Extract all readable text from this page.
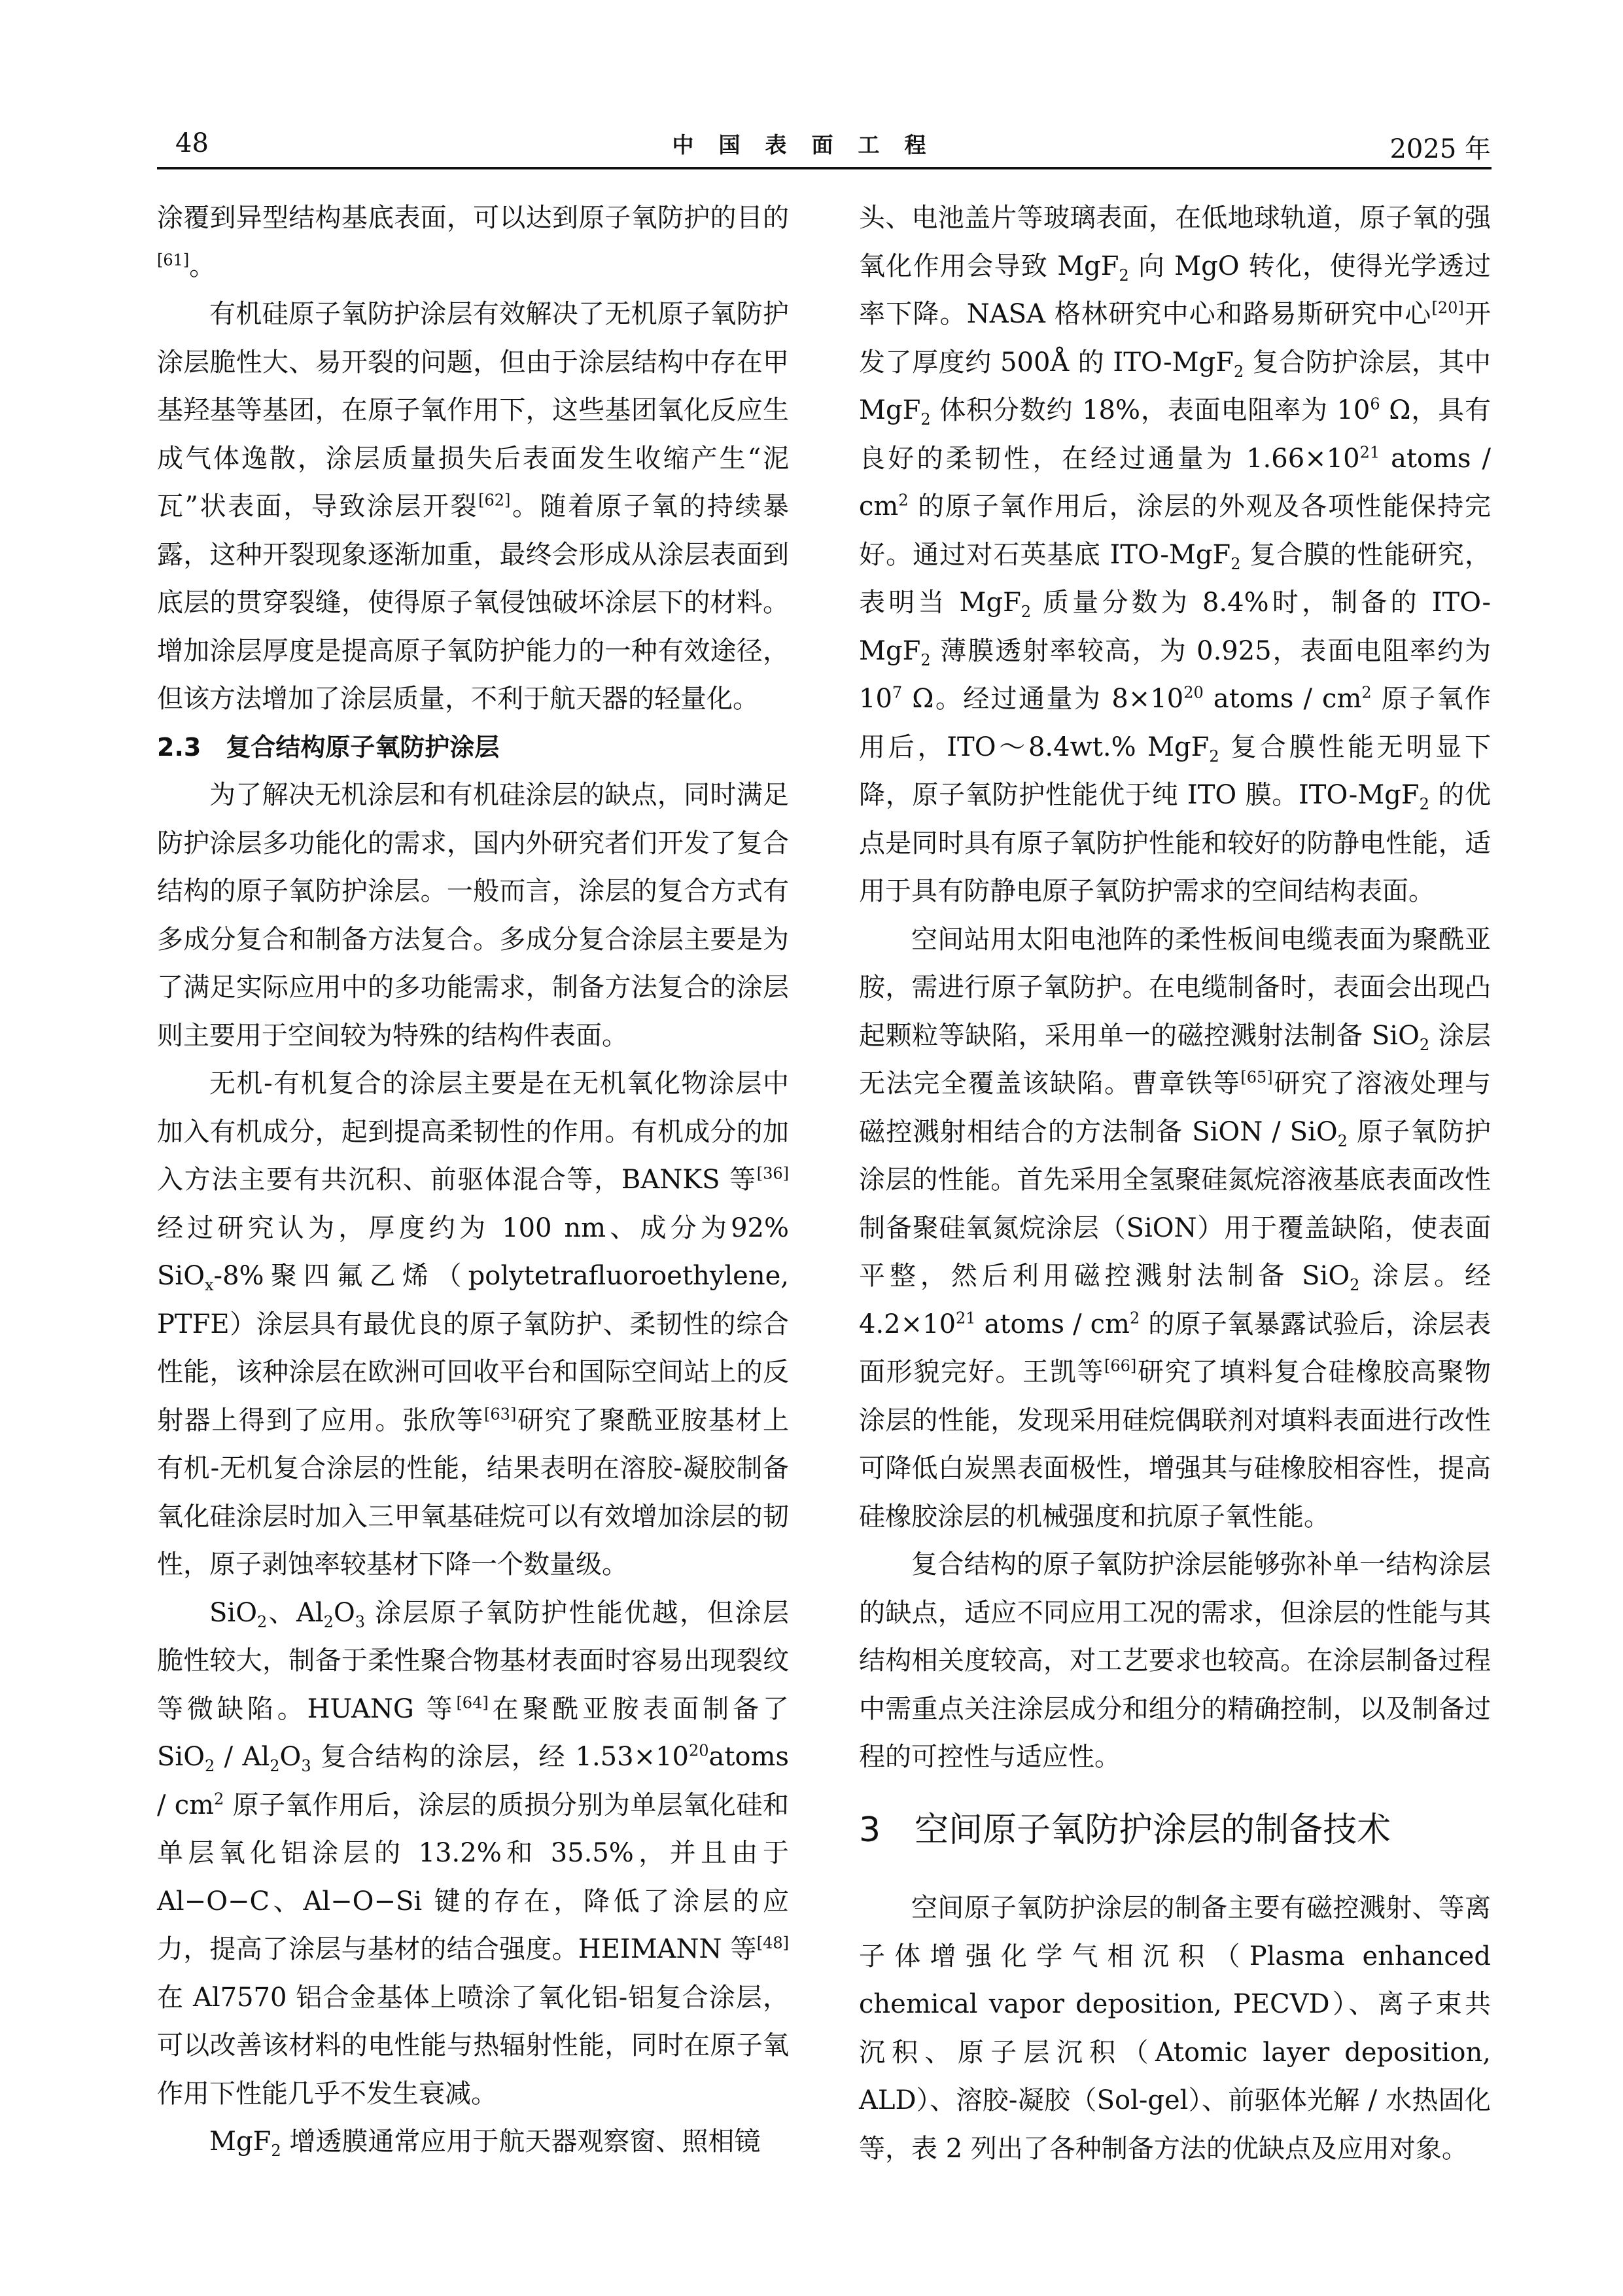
48	中国表面工程	2025 年

涂覆到异型结构基底表面，可以达到原子氧防护的目的[61]。

有机硅原子氧防护涂层有效解决了无机原子氧防护涂层脆性大、易开裂的问题，但由于涂层结构中存在甲基羟基等基团，在原子氧作用下，这些基团氧化反应生成气体逸散，涂层质量损失后表面发生收缩产生“泥瓦”状表面，导致涂层开裂[62]。随着原子氧的持续暴露，这种开裂现象逐渐加重，最终会形成从涂层表面到底层的贯穿裂缝，使得原子氧侵蚀破坏涂层下的材料。增加涂层厚度是提高原子氧防护能力的一种有效途径，但该方法增加了涂层质量，不利于航天器的轻量化。

2.3　 复合结构原子氧防护涂层

为了解决无机涂层和有机硅涂层的缺点，同时满足防护涂层多功能化的需求，国内外研究者们开发了复合结构的原子氧防护涂层。一般而言，涂层的复合方式有多成分复合和制备方法复合。多成分复合涂层主要是为了满足实际应用中的多功能需求，制备方法复合的涂层则主要用于空间较为特殊的结构件表面。

无机-有机复合的涂层主要是在无机氧化物涂层中加入有机成分，起到提高柔韧性的作用。有机成分的加入方法主要有共沉积、前驱体混合等，BANKS 等[36]经过研究认为，厚度约为 100 nm、成分为92% SiO$_x$-8%聚四氟乙烯（polytetrafluoroethylene, PTFE）涂层具有最优良的原子氧防护、柔韧性的综合性能，该种涂层在欧洲可回收平台和国际空间站上的反射器上得到了应用。张欣等[63]研究了聚酰亚胺基材上有机-无机复合涂层的性能，结果表明在溶胶-凝胶制备氧化硅涂层时加入三甲氧基硅烷可以有效增加涂层的韧性，原子剥蚀率较基材下降一个数量级。

SiO$_2$、$Al_2O_3$ 涂层原子氧防护性能优越，但涂层脆性较大，制备于柔性聚合物基材表面时容易出现裂纹等微缺陷。HUANG 等[64]在聚酰亚胺表面制备了 $SiO_2 / Al_2O_3$ 复合结构的涂层，经 $1.53\times 10^{20}atoms / cm^2$ 原子氧作用后，涂层的质损分别为单层氧化硅和单层氧化铝涂层的 13.2%和 35.5%，并且由于 Al−O−C、Al−O−Si 键的存在，降低了涂层的应力，提高了涂层与基材的结合强度。HEIMANN 等[48]在 Al7570 铝合金基体上喷涂了氧化铝-铝复合涂层，可以改善该材料的电性能与热辐射性能，同时在原子氧作用下性能几乎不发生衰减。

MgF$_2$ 增透膜通常应用于航天器观察窗、照相镜

头、电池盖片等玻璃表面，在低地球轨道，原子氧的强氧化作用会导致 MgF$_2$ 向 MgO 转化，使得光学透过率下降。NASA 格林研究中心和路易斯研究中心[20]开发了厚度约 500Å 的 ITO-MgF$_2$ 复合防护涂层，其中 MgF$_2$ 体积分数约 18%，表面电阻率为 $10^6$ Ω，具有良好的柔韧性，在经过通量为 $1.66\times 10^{21}$ atoms / $cm^2$ 的原子氧作用后，涂层的外观及各项性能保持完好。通过对石英基底 ITO-MgF$_2$ 复合膜的性能研究，表明当 MgF$_2$ 质量分数为 8.4%时，制备的 ITO-MgF$_2$ 薄膜透射率较高，为 0.925，表面电阻率约为 $10^7$ Ω。经过通量为 $8\times 10^{20}$ atoms / $cm^2$ 原子氧作用后，ITO～8.4wt.% MgF$_2$ 复合膜性能无明显下降，原子氧防护性能优于纯 ITO 膜。ITO-MgF$_2$ 的优点是同时具有原子氧防护性能和较好的防静电性能，适用于具有防静电原子氧防护需求的空间结构表面。

空间站用太阳电池阵的柔性板间电缆表面为聚酰亚胺，需进行原子氧防护。在电缆制备时，表面会出现凸起颗粒等缺陷，采用单一的磁控溅射法制备 SiO$_2$ 涂层无法完全覆盖该缺陷。曹章铁等[65]研究了溶液处理与磁控溅射相结合的方法制备 SiON / SiO$_2$ 原子氧防护涂层的性能。首先采用全氢聚硅氮烷溶液基底表面改性制备聚硅氧氮烷涂层（SiON）用于覆盖缺陷，使表面平整，然后利用磁控溅射法制备 SiO$_2$ 涂层。经 $4.2\times 10^{21}$ atoms / $cm^2$ 的原子氧暴露试验后，涂层表面形貌完好。王凯等[66]研究了填料复合硅橡胶高聚物涂层的性能，发现采用硅烷偶联剂对填料表面进行改性可降低白炭黑表面极性，增强其与硅橡胶相容性，提高硅橡胶涂层的机械强度和抗原子氧性能。

复合结构的原子氧防护涂层能够弥补单一结构涂层的缺点，适应不同应用工况的需求，但涂层的性能与其结构相关度较高，对工艺要求也较高。在涂层制备过程中需重点关注涂层成分和组分的精确控制，以及制备过程的可控性与适应性。

3　空间原子氧防护涂层的制备技术

空间原子氧防护涂层的制备主要有磁控溅射、等离子体增强化学气相沉积（Plasma enhanced chemical vapor deposition, PECVD）、离子束共沉积、原子层沉积（Atomic layer deposition, ALD）、溶胶-凝胶（Sol-gel）、前驱体光解 / 水热固化等，表 2 列出了各种制备方法的优缺点及应用对象。
